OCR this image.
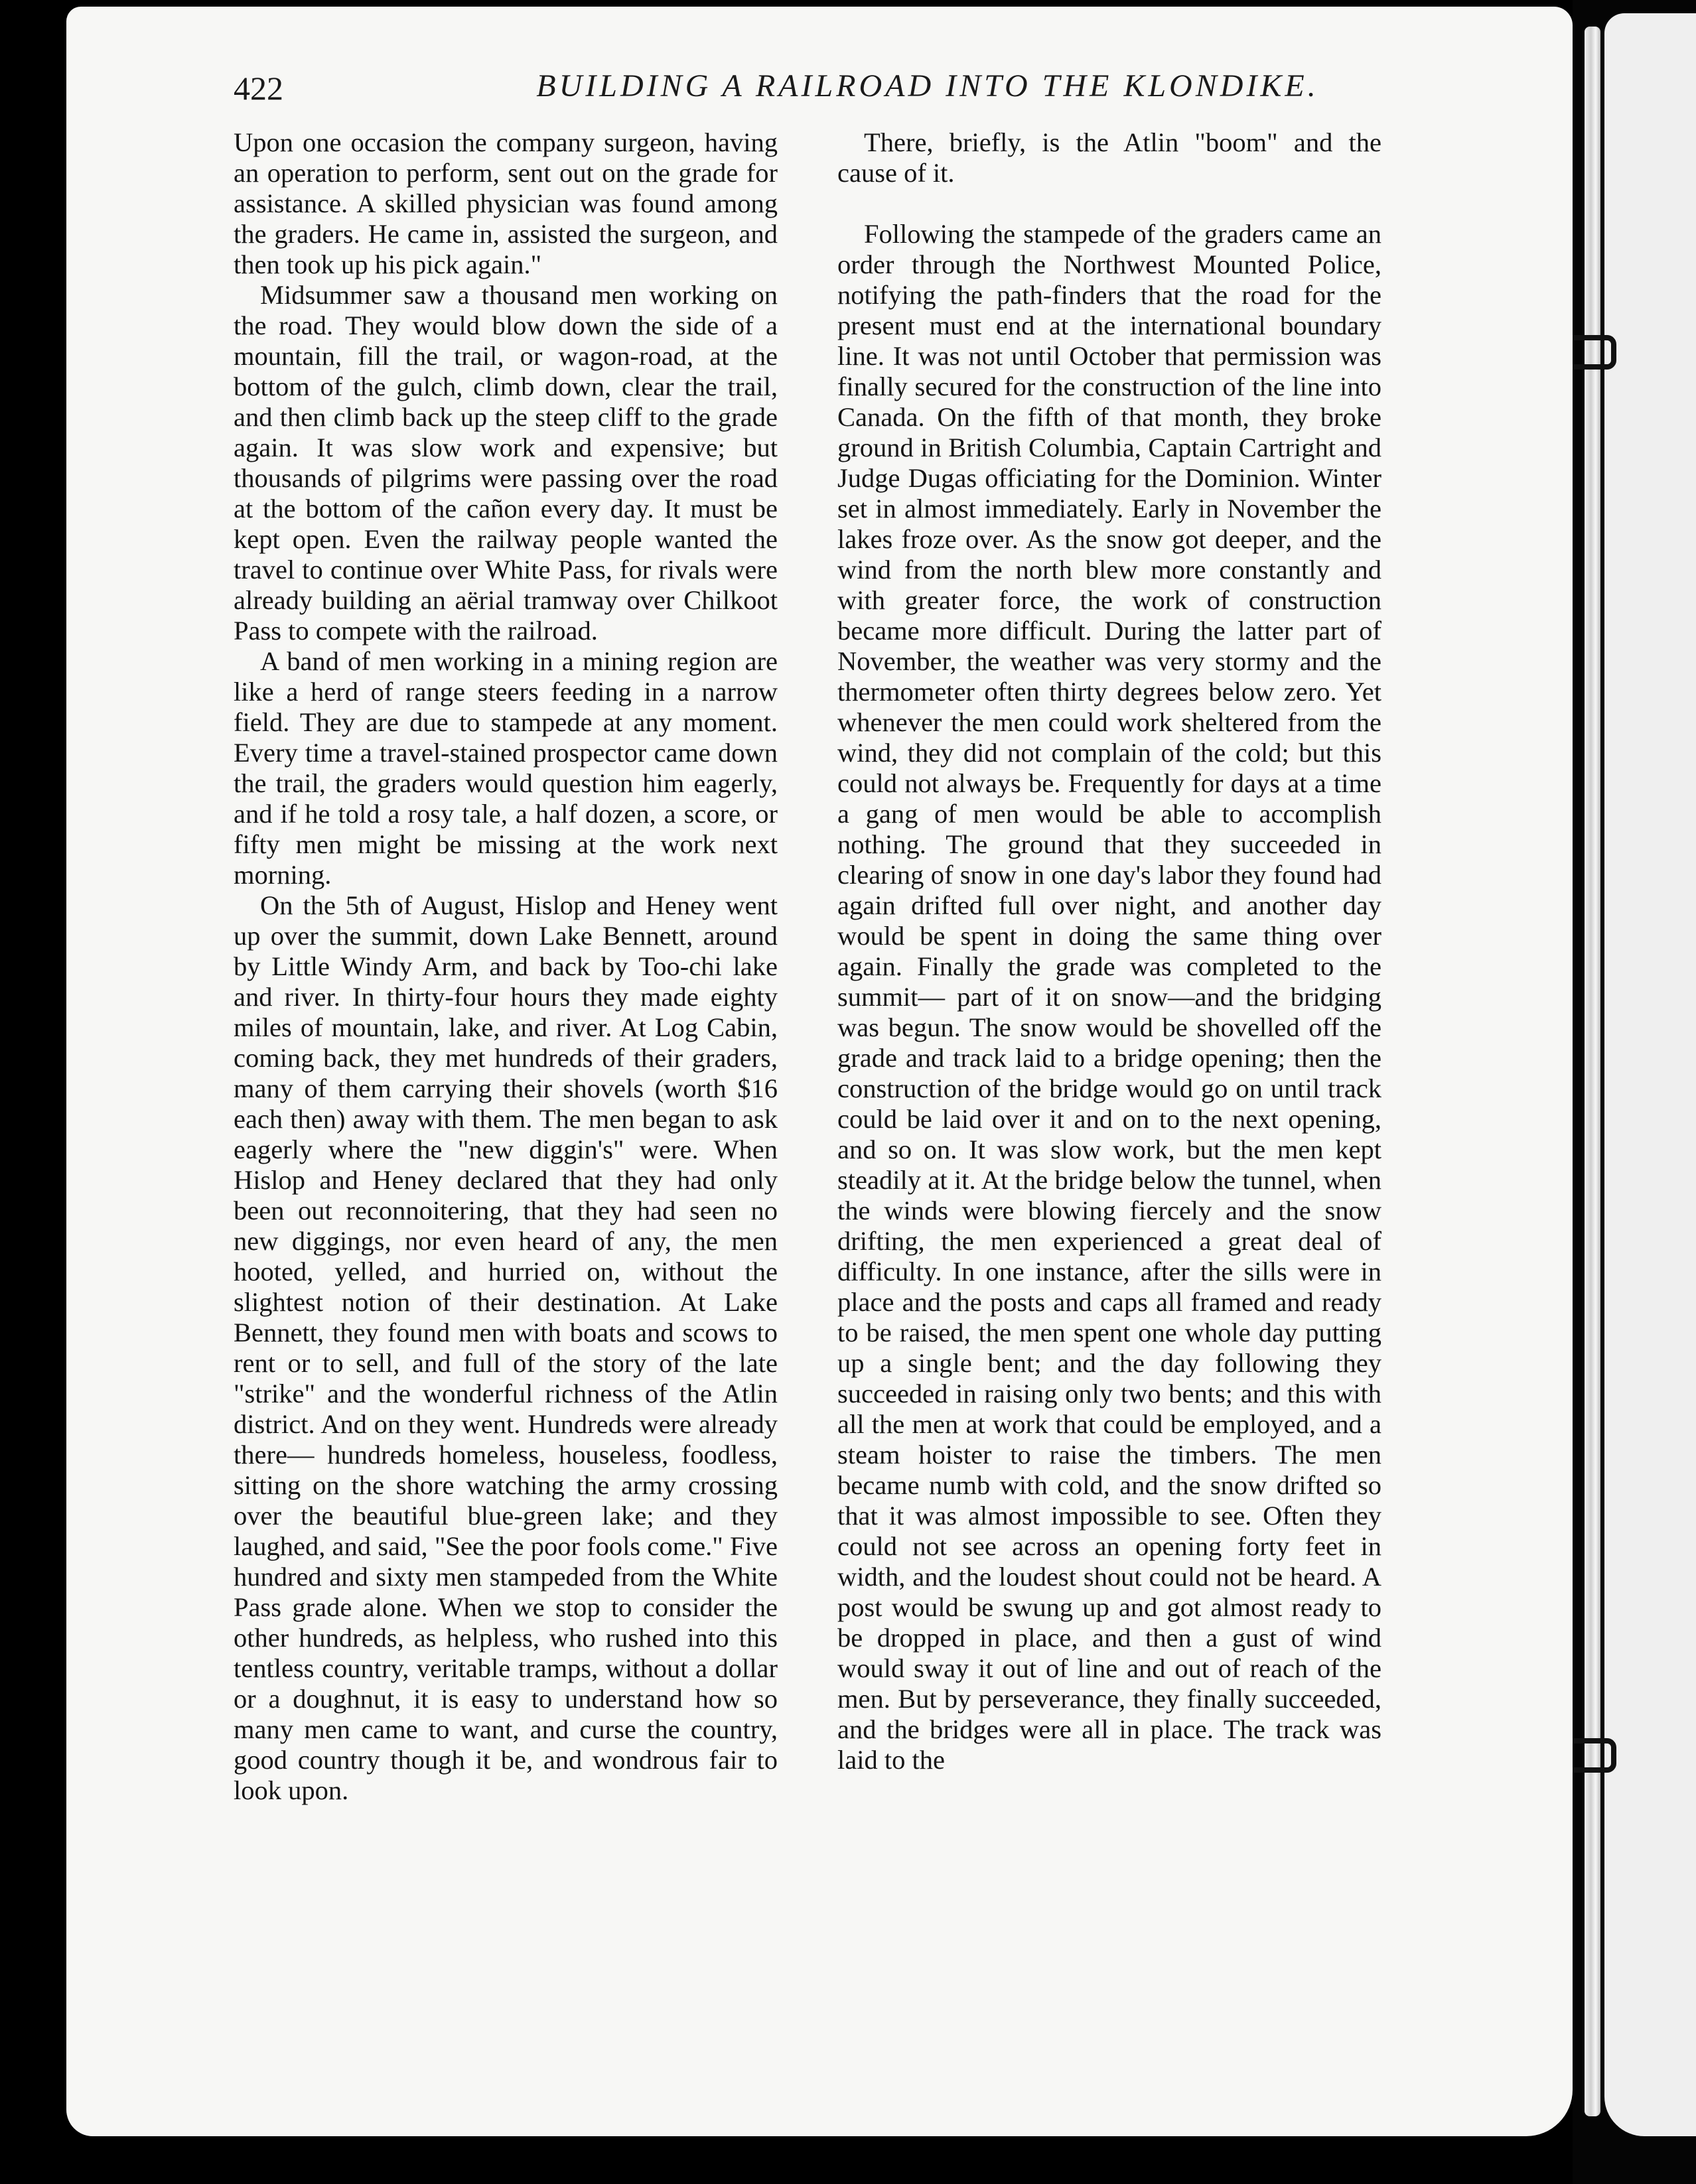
422	BUILDING A RAILROAD INTO THE KLONDIKE.

Upon one occasion the company surgeon, having an operation to perform, sent out on the grade for assistance. A skilled physician was found among the graders. He came in, assisted the surgeon, and then took up his pick again."

Midsummer saw a thousand men working on the road. They would blow down the side of a mountain, fill the trail, or wagon-road, at the bottom of the gulch, climb down, clear the trail, and then climb back up the steep cliff to the grade again. It was slow work and expensive; but thousands of pilgrims were passing over the road at the bottom of the cañon every day. It must be kept open. Even the railway people wanted the travel to continue over White Pass, for rivals were already building an aërial tramway over Chilkoot Pass to compete with the railroad.

A band of men working in a mining region are like a herd of range steers feeding in a narrow field. They are due to stampede at any moment. Every time a travel-stained prospector came down the trail, the graders would question him eagerly, and if he told a rosy tale, a half dozen, a score, or fifty men might be missing at the work next morning.

On the 5th of August, Hislop and Heney went up over the summit, down Lake Bennett, around by Little Windy Arm, and back by Too-chi lake and river. In thirty-four hours they made eighty miles of mountain, lake, and river. At Log Cabin, coming back, they met hundreds of their graders, many of them carrying their shovels (worth $16 each then) away with them. The men began to ask eagerly where the "new diggin's" were. When Hislop and Heney declared that they had only been out reconnoitering, that they had seen no new diggings, nor even heard of any, the men hooted, yelled, and hurried on, without the slightest notion of their destination. At Lake Bennett, they found men with boats and scows to rent or to sell, and full of the story of the late "strike" and the wonderful richness of the Atlin district. And on they went. Hundreds were already there— hundreds homeless, houseless, foodless, sitting on the shore watching the army crossing over the beautiful blue-green lake; and they laughed, and said, "See the poor fools come." Five hundred and sixty men stampeded from the White Pass grade alone. When we stop to consider the other hundreds, as helpless, who rushed into this tentless country, veritable tramps, without a dollar or a doughnut, it is easy to understand how so many men came to want, and curse the country, good country though it be, and wondrous fair to look upon.

There, briefly, is the Atlin "boom" and the cause of it.

Following the stampede of the graders came an order through the Northwest Mounted Police, notifying the path-finders that the road for the present must end at the international boundary line. It was not until October that permission was finally secured for the construction of the line into Canada. On the fifth of that month, they broke ground in British Columbia, Captain Cartright and Judge Dugas officiating for the Dominion. Winter set in almost immediately. Early in November the lakes froze over. As the snow got deeper, and the wind from the north blew more constantly and with greater force, the work of construction became more difficult. During the latter part of November, the weather was very stormy and the thermometer often thirty degrees below zero. Yet whenever the men could work sheltered from the wind, they did not complain of the cold; but this could not always be. Frequently for days at a time a gang of men would be able to accomplish nothing. The ground that they succeeded in clearing of snow in one day's labor they found had again drifted full over night, and another day would be spent in doing the same thing over again. Finally the grade was completed to the summit— part of it on snow—and the bridging was begun. The snow would be shovelled off the grade and track laid to a bridge opening; then the construction of the bridge would go on until track could be laid over it and on to the next opening, and so on. It was slow work, but the men kept steadily at it. At the bridge below the tunnel, when the winds were blowing fiercely and the snow drifting, the men experienced a great deal of difficulty. In one instance, after the sills were in place and the posts and caps all framed and ready to be raised, the men spent one whole day putting up a single bent; and the day following they succeeded in raising only two bents; and this with all the men at work that could be employed, and a steam hoister to raise the timbers. The men became numb with cold, and the snow drifted so that it was almost impossible to see. Often they could not see across an opening forty feet in width, and the loudest shout could not be heard. A post would be swung up and got almost ready to be dropped in place, and then a gust of wind would sway it out of line and out of reach of the men. But by perseverance, they finally succeeded, and the bridges were all in place. The track was laid to the
